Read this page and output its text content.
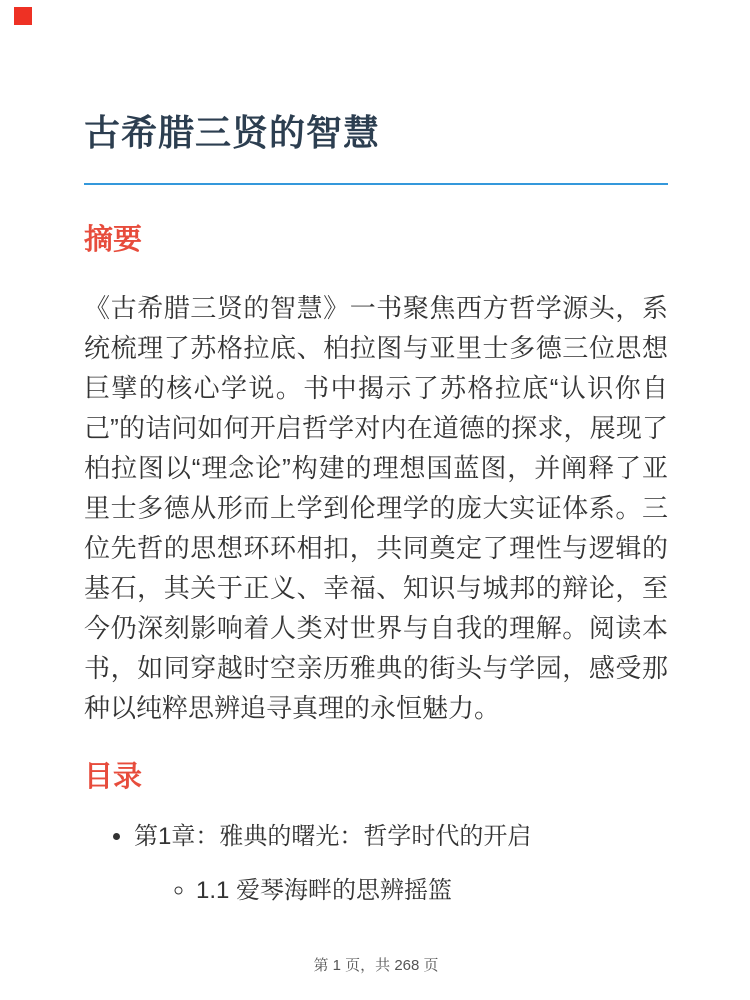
古希腊三贤的智慧
摘要

《古希腊三贤的智慧》一书聚焦西方哲学源头，系统梳理了苏格拉底、柏拉图与亚里士多德三位思想巨擘的核心学说。书中揭示了苏格拉底“认识你自己”的诘问如何开启哲学对内在道德的探求，展现了柏拉图以“理念论”构建的理想国蓝图，并阐释了亚里士多德从形而上学到伦理学的庞大实证体系。三位先哲的思想环环相扣，共同奠定了理性与逻辑的基石，其关于正义、幸福、知识与城邦的辩论，至今仍深刻影响着人类对世界与自我的理解。阅读本书，如同穿越时空亲历雅典的街头与学园，感受那种以纯粹思辨追寻真理的永恒魅力。

目录
• 第1章：雅典的曙光：哲学时代的开启
◦ 1.1 爱琴海畔的思辨摇篮
第 1 页，共 268 页
